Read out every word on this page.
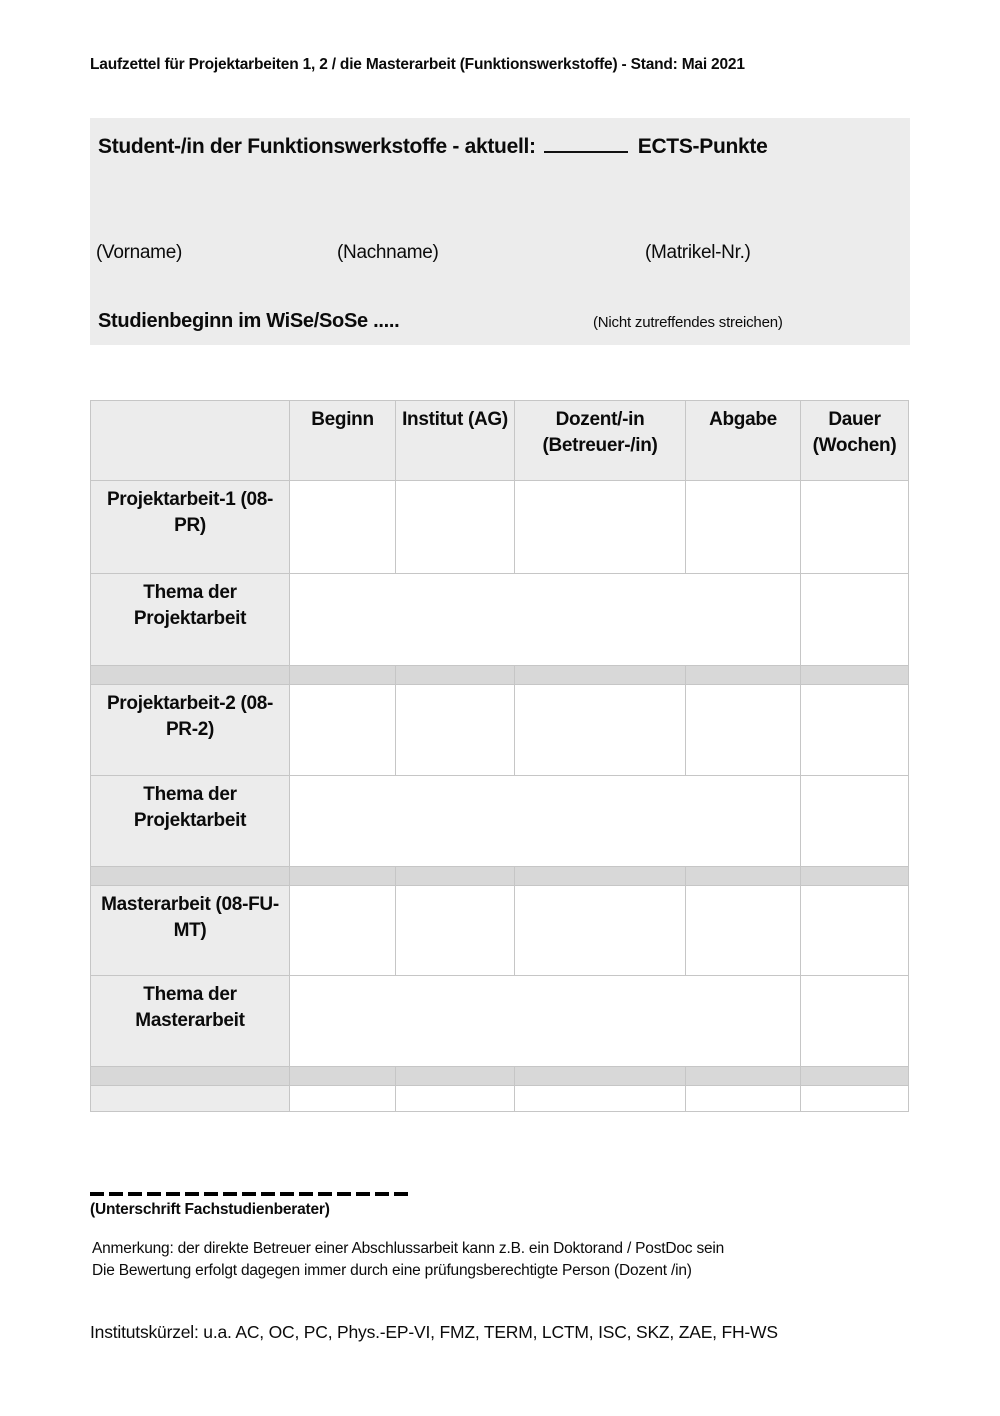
Laufzettel für Projektarbeiten 1, 2 / die Masterarbeit (Funktionswerkstoffe) - Stand: Mai 2021
Student-/in der Funktionswerkstoffe - aktuell:	ECTS-Punkte
(Vorname)	(Nachname)	(Matrikel-Nr.)
Studienbeginn im WiSe/SoSe .....	(Nicht zutreffendes streichen)
	Beginn	Institut (AG)	Dozent/-in (Betreuer-/in)	Abgabe	Dauer (Wochen)
Projektarbeit-1 (08-PR)					
Thema der Projektarbeit					

Projektarbeit-2 (08-PR-2)					
Thema der Projektarbeit					

Masterarbeit (08-FU-MT)					
Thema der Masterarbeit					

(Unterschrift Fachstudienberater)
Anmerkung: der direkte Betreuer einer Abschlussarbeit kann z.B. ein Doktorand / PostDoc sein
Die Bewertung erfolgt dagegen immer durch eine prüfungsberechtigte Person (Dozent /in)
Institutskürzel: u.a. AC, OC, PC, Phys.-EP-VI, FMZ, TERM, LCTM, ISC, SKZ, ZAE, FH-WS
